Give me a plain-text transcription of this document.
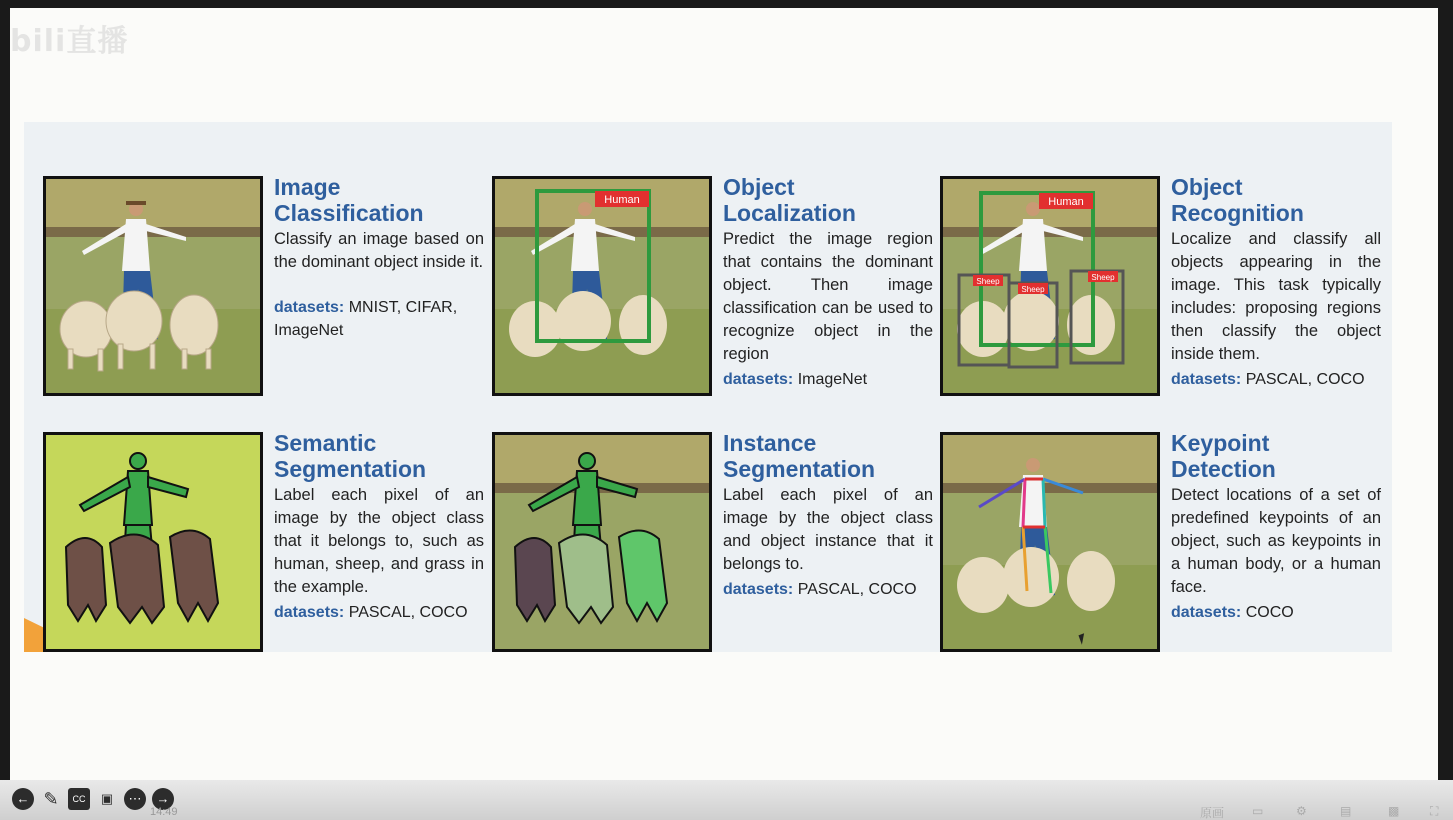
bili直播
Image
Classification
Classify an image based on the dominant object inside it.
datasets: MNIST, CIFAR, ImageNet
Human	Object
Localization
Predict the image region that contains the dominant object. Then image classification can be used to recognize object in the region
datasets: ImageNet
Human
Sheep
Sheep
Sheep
Object
Recognition
Localize and classify all objects appearing in the image. This task typically includes: proposing regions then classify the object inside them.
datasets: PASCAL, COCO
Semantic
Segmentation
Label each pixel of an image by the object class that it belongs to, such as human, sheep, and grass in the example.
datasets: PASCAL, COCO
Instance
Segmentation
Label each pixel of an image by the object class and object instance that it belongs to.
datasets: PASCAL, COCO
Keypoint
Detection
Detect locations of a set of predefined keypoints of an object, such as keypoints in a human body, or a human face.
datasets: COCO
← ✎	CC	▣	⋯	→
14:49	原画 ▭	⚙	▤	▩	⛶
